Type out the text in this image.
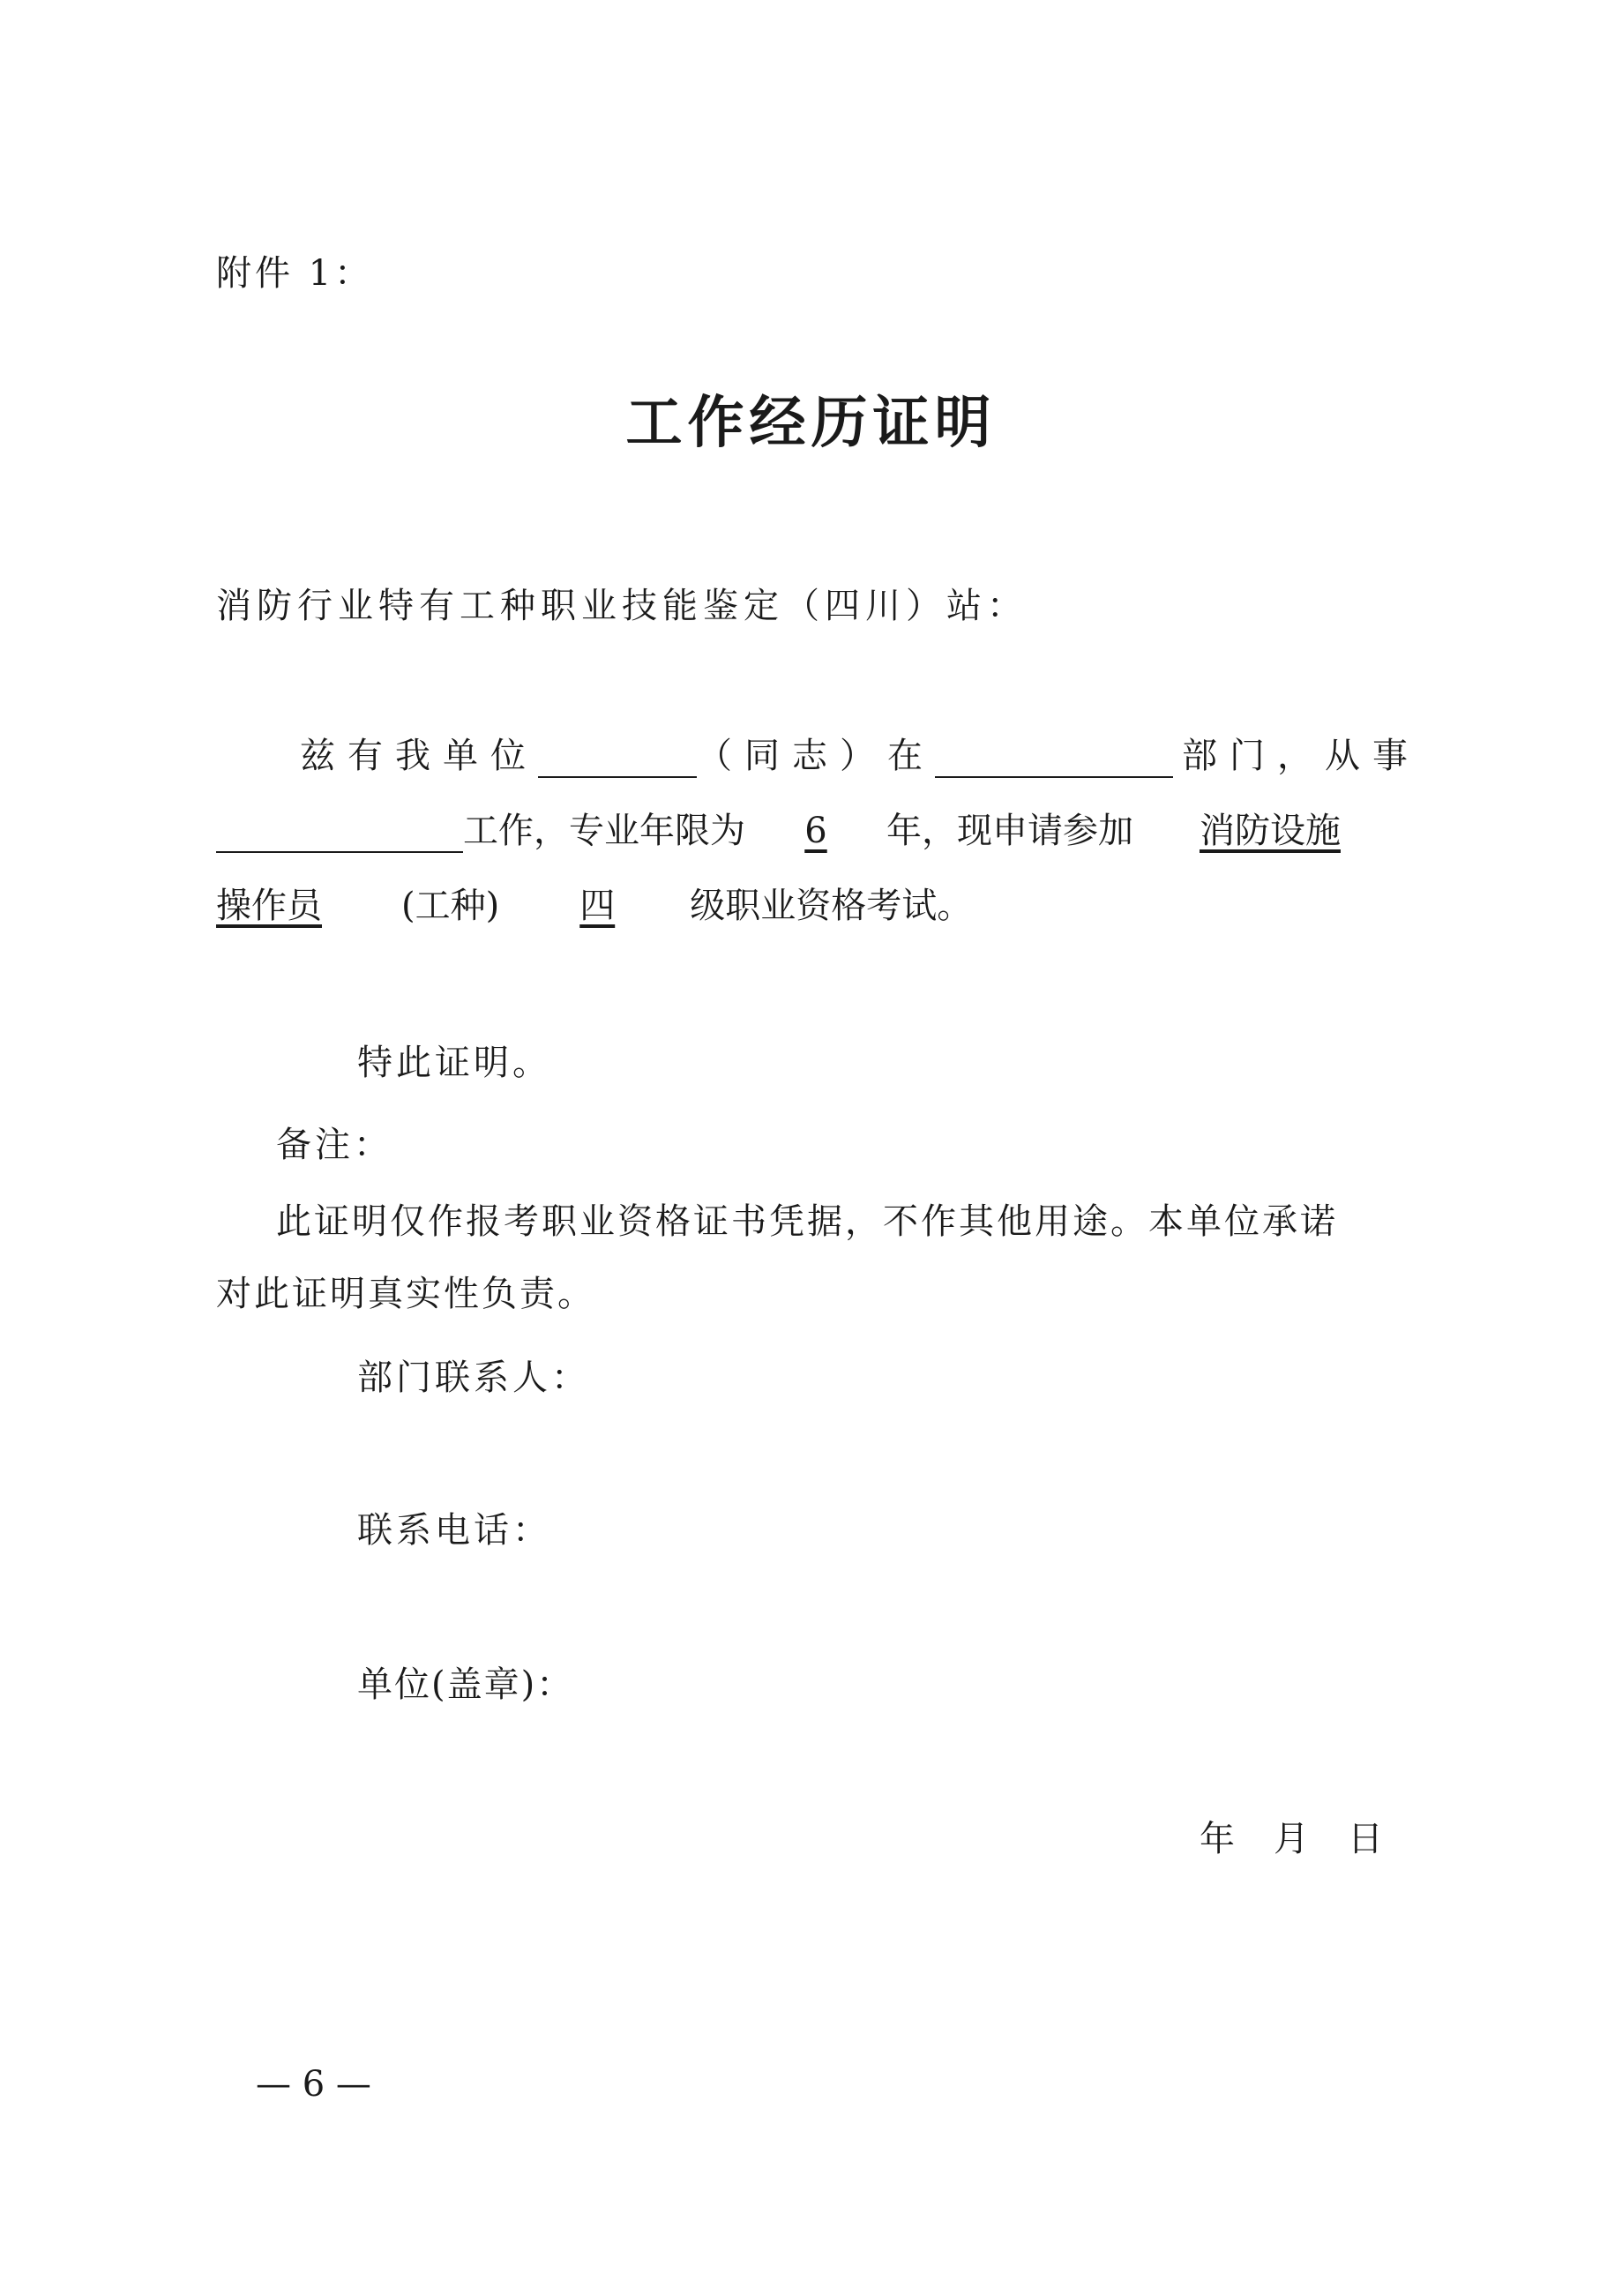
附件 1：
工作经历证明
消防行业特有工种职业技能鉴定（四川）站：
兹有我单位	（同志）在	部门，从事
工作，专业年限为 6 年，现申请参加 消防设施
操作员 (工种) 四 级职业资格考试。
特此证明。
备注：
此证明仅作报考职业资格证书凭据，不作其他用途。本单位承诺
对此证明真实性负责。
部门联系人：
联系电话：
单位(盖章)：
年　月　日
— 6 —
